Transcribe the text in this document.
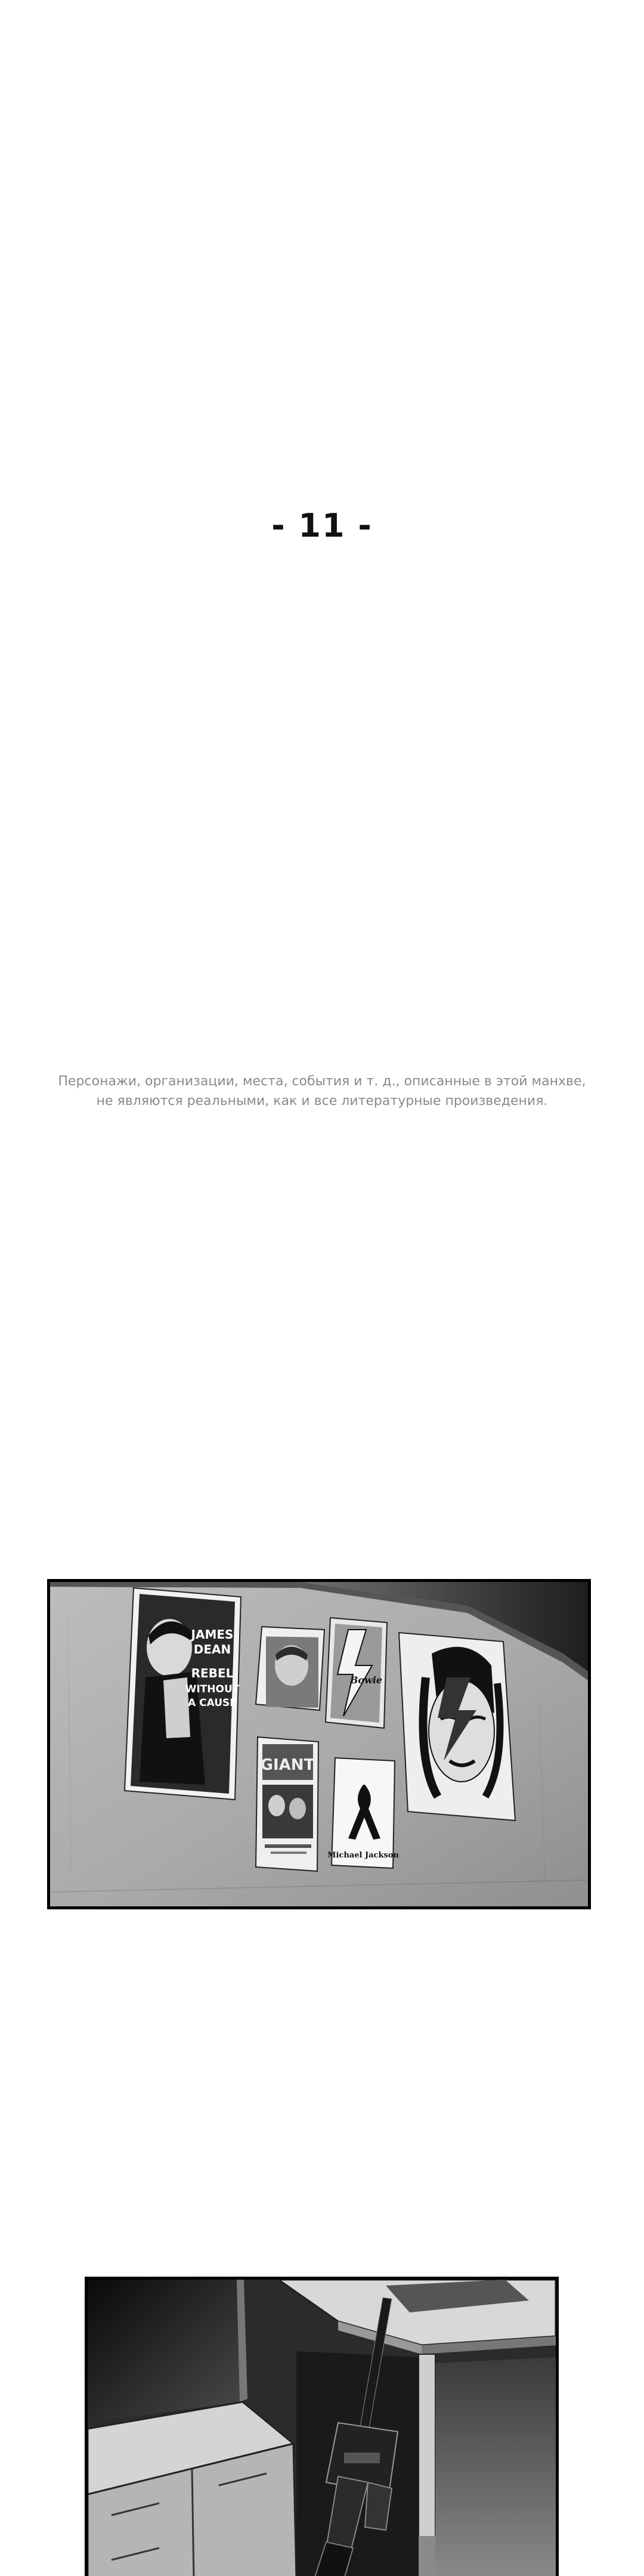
- 11 -
Персонажи, организации, места, события и т. д., описанные в этой манхве,
не являются реальными, как и все литературные произведения.
JAMES
DEAN
REBEL
WITHOUT
A CAUSE
Bowie
GIANT
Michael Jackson
